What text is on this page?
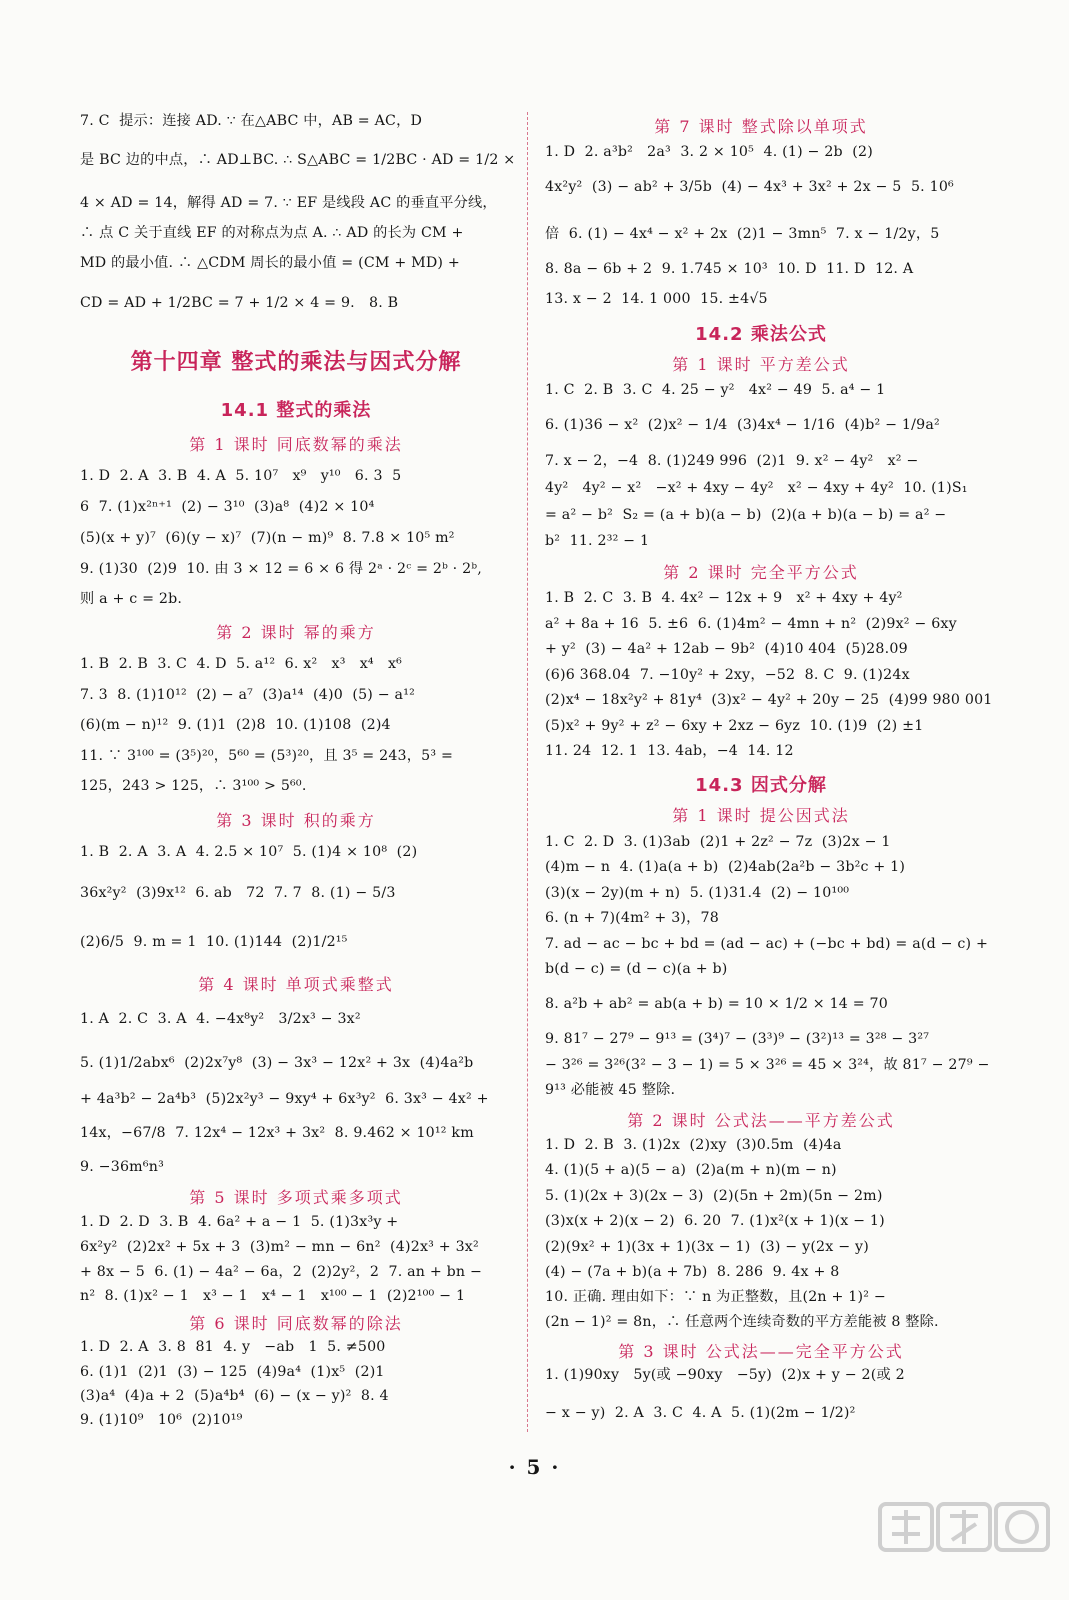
7. C  提示：连接 AD. ∵ 在△ABC 中，AB = AC，D
是 BC 边的中点，∴ AD⊥BC. ∴ S△ABC = 1/2BC · AD = 1/2 ×
4 × AD = 14，解得 AD = 7. ∵ EF 是线段 AC 的垂直平分线，
∴ 点 C 关于直线 EF 的对称点为点 A. ∴ AD 的长为 CM +
MD 的最小值. ∴ △CDM 周长的最小值 = (CM + MD) +
CD = AD + 1/2BC = 7 + 1/2 × 4 = 9.   8. B
第十四章 整式的乘法与因式分解
14.1 整式的乘法
第 1 课时 同底数幂的乘法
1. D  2. A  3. B  4. A  5. 10⁷   x⁹   y¹⁰   6. 3  5
6  7. (1)x²ⁿ⁺¹  (2) − 3¹⁰  (3)a⁸  (4)2 × 10⁴
(5)(x + y)⁷  (6)(y − x)⁷  (7)(n − m)⁹  8. 7.8 × 10⁵ m²
9. (1)30  (2)9  10. 由 3 × 12 = 6 × 6 得 2ᵃ · 2ᶜ = 2ᵇ · 2ᵇ,
则 a + c = 2b.
第 2 课时 幂的乘方
1. B  2. B  3. C  4. D  5. a¹²  6. x²   x³   x⁴   x⁶
7. 3  8. (1)10¹²  (2) − a⁷  (3)a¹⁴  (4)0  (5) − a¹²
(6)(m − n)¹²  9. (1)1  (2)8  10. (1)108  (2)4
11. ∵ 3¹⁰⁰ = (3⁵)²⁰，5⁶⁰ = (5³)²⁰，且 3⁵ = 243，5³ =
125，243 > 125，∴ 3¹⁰⁰ > 5⁶⁰.
第 3 课时 积的乘方
1. B  2. A  3. A  4. 2.5 × 10⁷  5. (1)4 × 10⁸  (2)
36x²y²  (3)9x¹²  6. ab   72  7. 7  8. (1) − 5/3
(2)6/5  9. m = 1  10. (1)144  (2)1/2¹⁵
第 4 课时 单项式乘整式
1. A  2. C  3. A  4. −4x⁸y²   3/2x³ − 3x²
5. (1)1/2abx⁶  (2)2x⁷y⁸  (3) − 3x³ − 12x² + 3x  (4)4a²b
+ 4a³b² − 2a⁴b³  (5)2x²y³ − 9xy⁴ + 6x³y²  6. 3x³ − 4x² +
14x，−67/8  7. 12x⁴ − 12x³ + 3x²  8. 9.462 × 10¹² km
9. −36m⁶n³
第 5 课时 多项式乘多项式
1. D  2. D  3. B  4. 6a² + a − 1  5. (1)3x³y +
6x²y²  (2)2x² + 5x + 3  (3)m² − mn − 6n²  (4)2x³ + 3x²
+ 8x − 5  6. (1) − 4a² − 6a，2  (2)2y²，2  7. an + bn −
n²  8. (1)x² − 1   x³ − 1   x⁴ − 1   x¹⁰⁰ − 1  (2)2¹⁰⁰ − 1
第 6 课时 同底数幂的除法
1. D  2. A  3. 8  81  4. y   −ab   1  5. ≠500
6. (1)1  (2)1  (3) − 125  (4)9a⁴  (1)x⁵  (2)1
(3)a⁴  (4)a + 2  (5)a⁴b⁴  (6) − (x − y)²  8. 4
9. (1)10⁹   10⁶  (2)10¹⁹
第 7 课时 整式除以单项式
1. D  2. a³b²   2a³  3. 2 × 10⁵  4. (1) − 2b  (2)
4x²y²  (3) − ab² + 3/5b  (4) − 4x³ + 3x² + 2x − 5  5. 10⁶
倍  6. (1) − 4x⁴ − x² + 2x  (2)1 − 3mn⁵  7. x − 1/2y，5
8. 8a − 6b + 2  9. 1.745 × 10³  10. D  11. D  12. A
13. x − 2  14. 1 000  15. ±4√5
14.2 乘法公式
第 1 课时 平方差公式
1. C  2. B  3. C  4. 25 − y²   4x² − 49  5. a⁴ − 1
6. (1)36 − x²  (2)x² − 1/4  (3)4x⁴ − 1/16  (4)b² − 1/9a²
7. x − 2，−4  8. (1)249 996  (2)1  9. x² − 4y²   x² −
4y²   4y² − x²   −x² + 4xy − 4y²   x² − 4xy + 4y²  10. (1)S₁
= a² − b²  S₂ = (a + b)(a − b)  (2)(a + b)(a − b) = a² −
b²  11. 2³² − 1
第 2 课时 完全平方公式
1. B  2. C  3. B  4. 4x² − 12x + 9   x² + 4xy + 4y²
a² + 8a + 16  5. ±6  6. (1)4m² − 4mn + n²  (2)9x² − 6xy
+ y²  (3) − 4a² + 12ab − 9b²  (4)10 404  (5)28.09
(6)6 368.04  7. −10y² + 2xy，−52  8. C  9. (1)24x
(2)x⁴ − 18x²y² + 81y⁴  (3)x² − 4y² + 20y − 25  (4)99 980 001
(5)x² + 9y² + z² − 6xy + 2xz − 6yz  10. (1)9  (2) ±1
11. 24  12. 1  13. 4ab，−4  14. 12
14.3 因式分解
第 1 课时 提公因式法
1. C  2. D  3. (1)3ab  (2)1 + 2z² − 7z  (3)2x − 1
(4)m − n  4. (1)a(a + b)  (2)4ab(2a²b − 3b²c + 1)
(3)(x − 2y)(m + n)  5. (1)31.4  (2) − 10¹⁰⁰
6. (n + 7)(4m² + 3)，78
7. ad − ac − bc + bd = (ad − ac) + (−bc + bd) = a(d − c) +
b(d − c) = (d − c)(a + b)
8. a²b + ab² = ab(a + b) = 10 × 1/2 × 14 = 70
9. 81⁷ − 27⁹ − 9¹³ = (3⁴)⁷ − (3³)⁹ − (3²)¹³ = 3²⁸ − 3²⁷
− 3²⁶ = 3²⁶(3² − 3 − 1) = 5 × 3²⁶ = 45 × 3²⁴，故 81⁷ − 27⁹ −
9¹³ 必能被 45 整除.
第 2 课时 公式法——平方差公式
1. D  2. B  3. (1)2x  (2)xy  (3)0.5m  (4)4a
4. (1)(5 + a)(5 − a)  (2)a(m + n)(m − n)
5. (1)(2x + 3)(2x − 3)  (2)(5n + 2m)(5n − 2m)
(3)x(x + 2)(x − 2)  6. 20  7. (1)x²(x + 1)(x − 1)
(2)(9x² + 1)(3x + 1)(3x − 1)  (3) − y(2x − y)
(4) − (7a + b)(a + 7b)  8. 286  9. 4x + 8
10. 正确. 理由如下：∵ n 为正整数，且(2n + 1)² −
(2n − 1)² = 8n，∴ 任意两个连续奇数的平方差能被 8 整除.
第 3 课时 公式法——完全平方公式
1. (1)90xy   5y(或 −90xy   −5y)  (2)x + y − 2(或 2
− x − y)  2. A  3. C  4. A  5. (1)(2m − 1/2)²
· 5 ·
